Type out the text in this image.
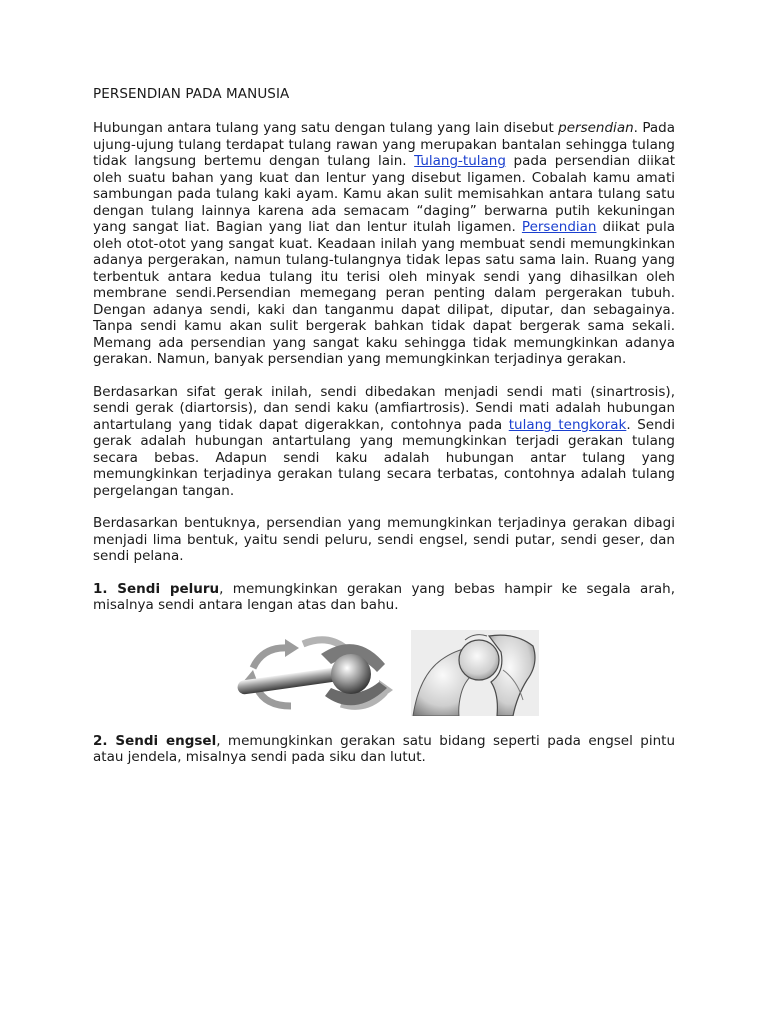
PERSENDIAN PADA MANUSIA

Hubungan antara tulang yang satu dengan tulang yang lain disebut persendian. Pada ujung-ujung tulang terdapat tulang rawan yang merupakan bantalan sehingga tulang tidak langsung bertemu dengan tulang lain. Tulang-tulang pada persendian diikat oleh suatu bahan yang kuat dan lentur yang disebut ligamen. Cobalah kamu amati sambungan pada tulang kaki ayam. Kamu akan sulit memisahkan antara tulang satu dengan tulang lainnya karena ada semacam “daging” berwarna putih kekuningan yang sangat liat. Bagian yang liat dan lentur itulah ligamen. Persendian diikat pula oleh otot-otot yang sangat kuat. Keadaan inilah yang membuat sendi memungkinkan adanya pergerakan, namun tulang-tulangnya tidak lepas satu sama lain. Ruang yang terbentuk antara kedua tulang itu terisi oleh minyak sendi yang dihasilkan oleh membrane sendi.Persendian memegang peran penting dalam pergerakan tubuh. Dengan adanya sendi, kaki dan tanganmu dapat dilipat, diputar, dan sebagainya. Tanpa sendi kamu akan sulit bergerak bahkan tidak dapat bergerak sama sekali. Memang ada persendian yang sangat kaku sehingga tidak memungkinkan adanya gerakan. Namun, banyak persendian yang memungkinkan terjadinya gerakan.

Berdasarkan sifat gerak inilah, sendi dibedakan menjadi sendi mati (sinartrosis), sendi gerak (diartorsis), dan sendi kaku (amfiartrosis). Sendi mati adalah hubungan antartulang yang tidak dapat digerakkan, contohnya pada tulang tengkorak. Sendi gerak adalah hubungan antartulang yang memungkinkan terjadi gerakan tulang secara bebas. Adapun sendi kaku adalah hubungan antar tulang yang memungkinkan terjadinya gerakan tulang secara terbatas, contohnya adalah tulang pergelangan tangan.

Berdasarkan bentuknya, persendian yang memungkinkan terjadinya gerakan dibagi menjadi lima bentuk, yaitu sendi peluru, sendi engsel, sendi putar, sendi geser, dan sendi pelana.

1. Sendi peluru, memungkinkan gerakan yang bebas hampir ke segala arah, misalnya sendi antara lengan atas dan bahu.

2. Sendi engsel, memungkinkan gerakan satu bidang seperti pada engsel pintu atau jendela, misalnya sendi pada siku dan lutut.
